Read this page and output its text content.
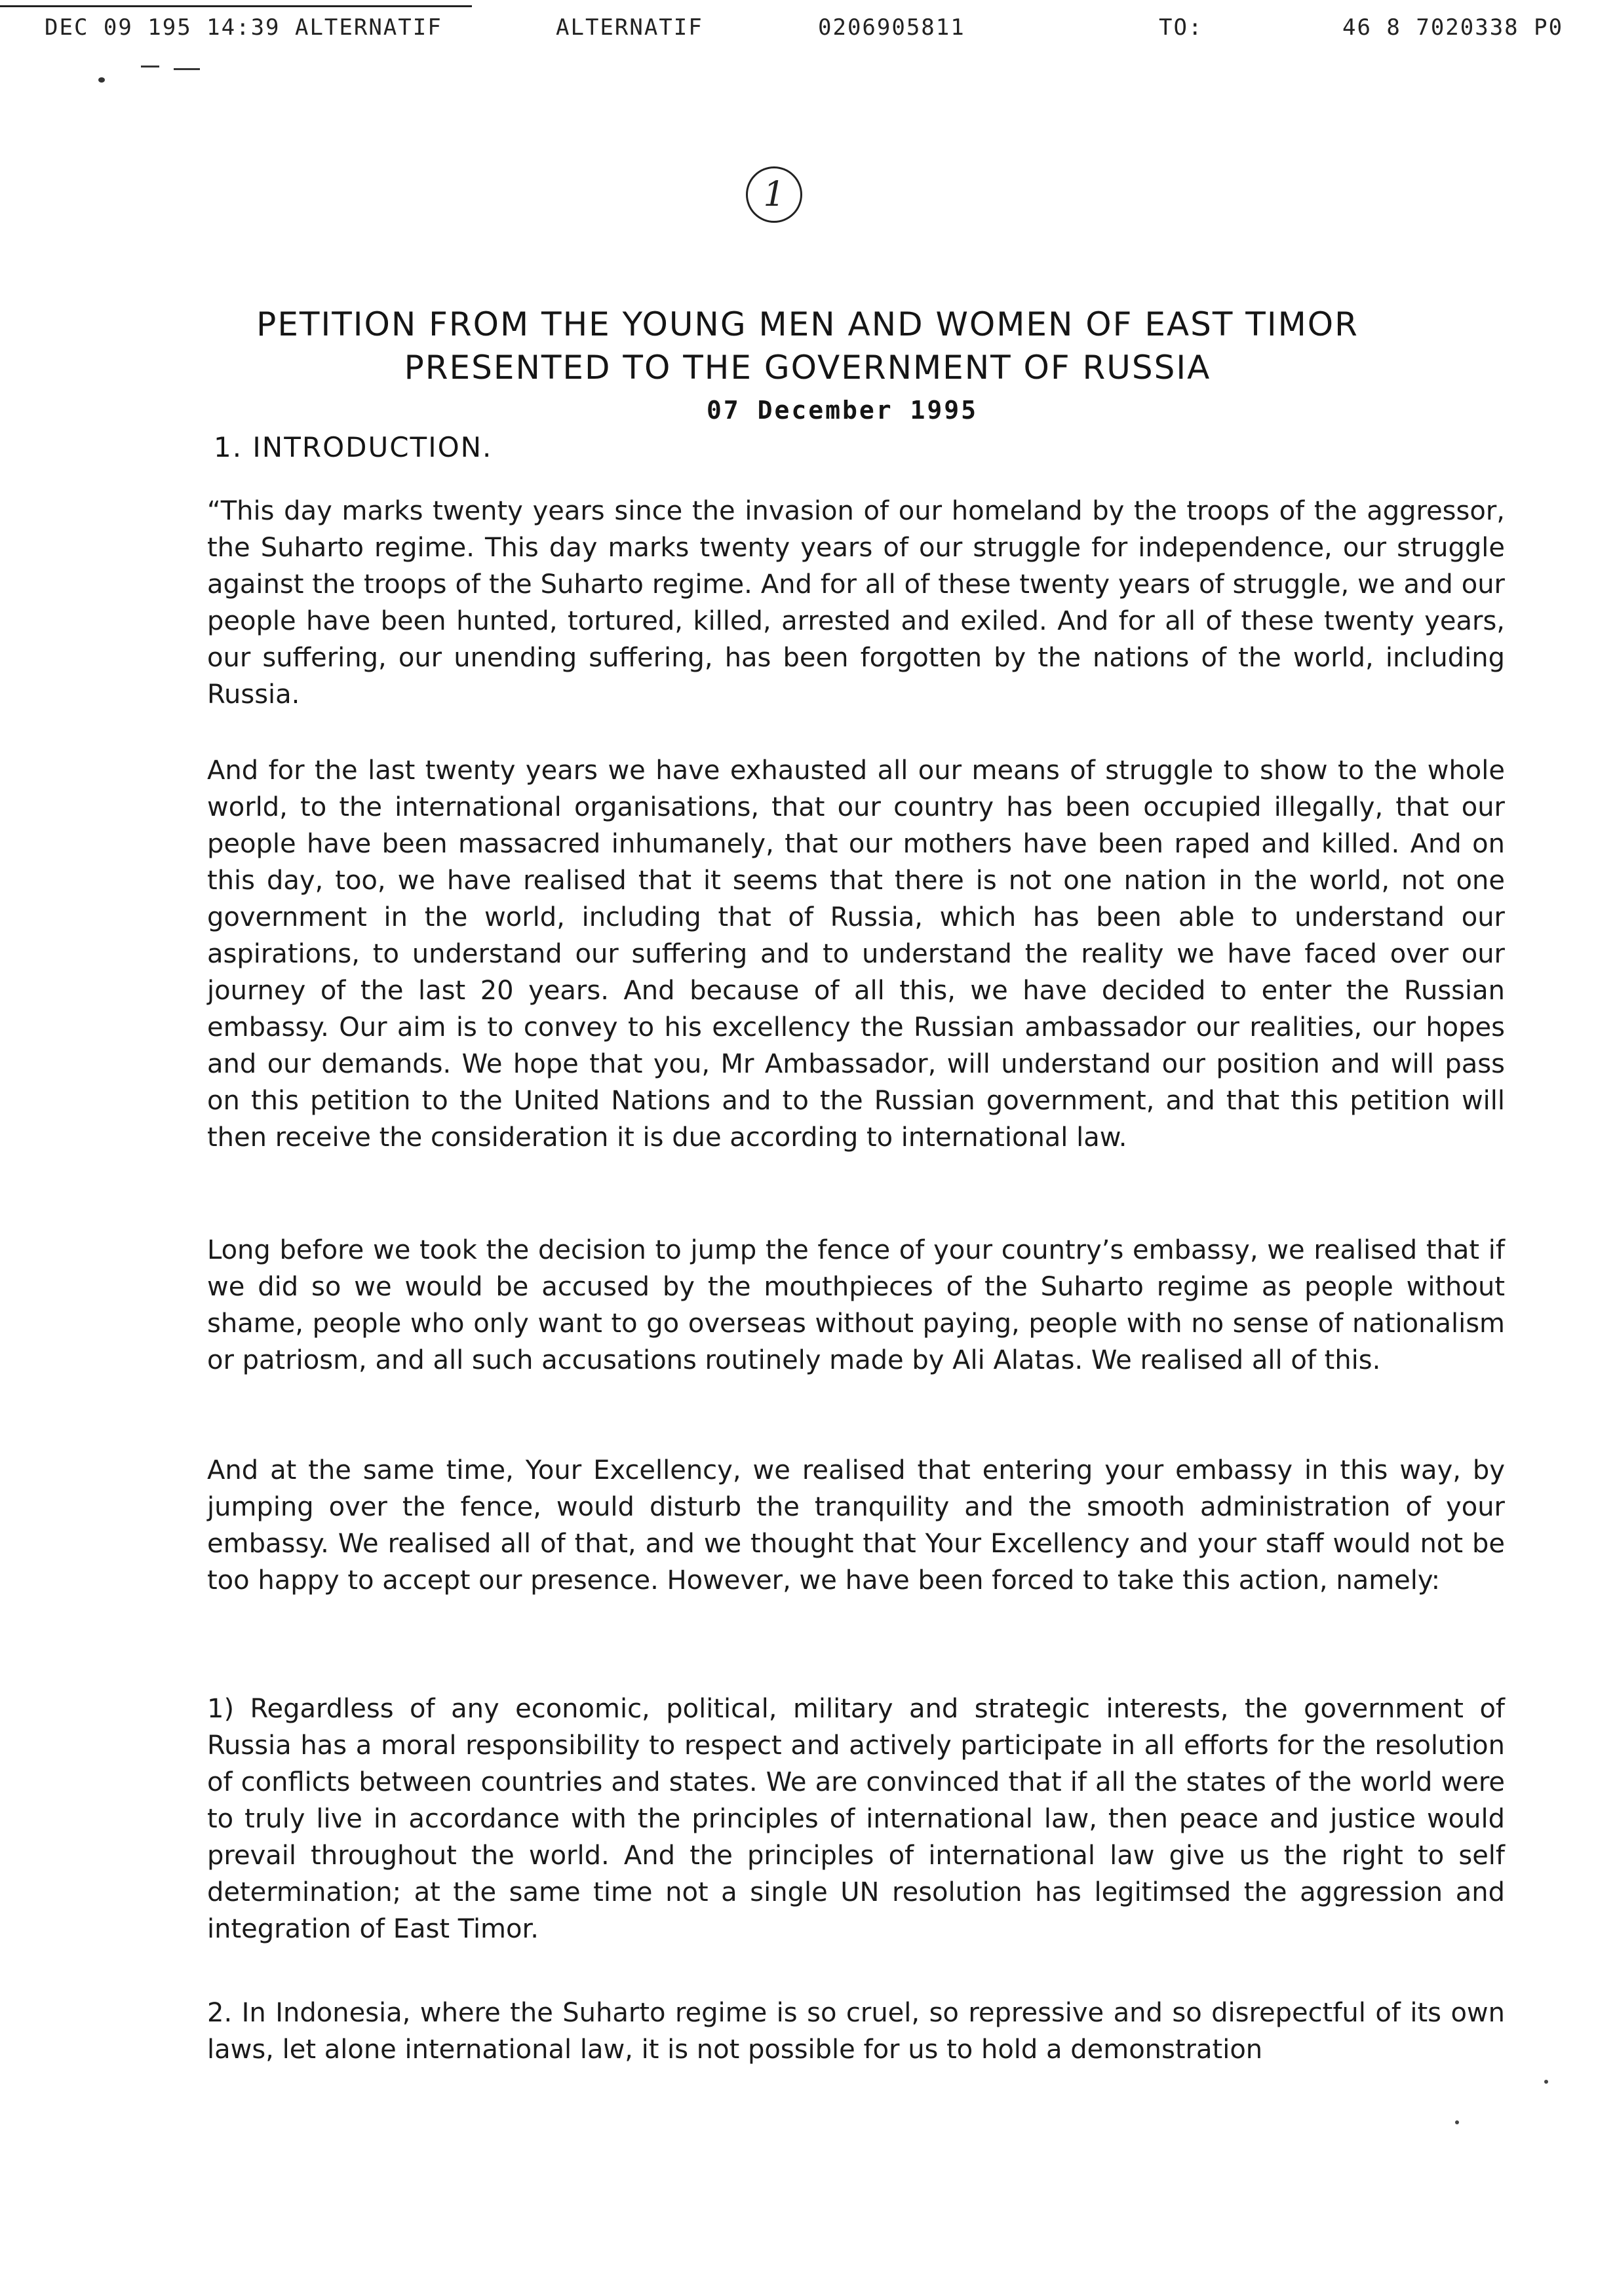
DEC 09 195 14:39 ALTERNATIF	ALTERNATIF	0206905811	TO:	46 8 7020338 P0
1
PETITION FROM THE YOUNG MEN AND WOMEN OF EAST TIMOR
PRESENTED TO THE GOVERNMENT OF RUSSIA
07 December 1995
1. INTRODUCTION.

“This day marks twenty years since the invasion of our homeland by the troops of the aggressor, the Suharto regime. This day marks twenty years of our struggle for independence, our struggle against the troops of the Suharto regime. And for all of these twenty years of struggle, we and our people have been hunted, tortured, killed, arrested and exiled. And for all of these twenty years, our suffering, our unending suffering, has been forgotten by the nations of the world, including Russia.

And for the last twenty years we have exhausted all our means of struggle to show to the whole world, to the international organisations, that our country has been occupied illegally, that our people have been massacred inhumanely, that our mothers have been raped and killed. And on this day, too, we have realised that it seems that there is not one nation in the world, not one government in the world, including that of Russia, which has been able to understand our aspirations, to understand our suffering and to understand the reality we have faced over our journey of the last 20 years. And because of all this, we have decided to enter the Russian embassy. Our aim is to convey to his excellency the Russian ambassador our realities, our hopes and our demands. We hope that you, Mr Ambassador, will understand our position and will pass on this petition to the United Nations and to the Russian government, and that this petition will then receive the consideration it is due according to international law.

Long before we took the decision to jump the fence of your country’s embassy, we realised that if we did so we would be accused by the mouthpieces of the Suharto regime as people without shame, people who only want to go overseas without paying, people with no sense of nationalism or patriosm, and all such accusations routinely made by Ali Alatas. We realised all of this.

And at the same time, Your Excellency, we realised that entering your embassy in this way, by jumping over the fence, would disturb the tranquility and the smooth administration of your embassy. We realised all of that, and we thought that Your Excellency and your staff would not be too happy to accept our presence. However, we have been forced to take this action, namely:

1) Regardless of any economic, political, military and strategic interests, the government of Russia has a moral responsibility to respect and actively participate in all efforts for the resolution of conflicts between countries and states. We are convinced that if all the states of the world were to truly live in accordance with the principles of international law, then peace and justice would prevail throughout the world. And the principles of international law give us the right to self determination; at the same time not a single UN resolution has legitimsed the aggression and integration of East Timor.

2. In Indonesia, where the Suharto regime is so cruel, so repressive and so disrepectful of its own laws, let alone international law, it is not possible for us to hold a demonstration
